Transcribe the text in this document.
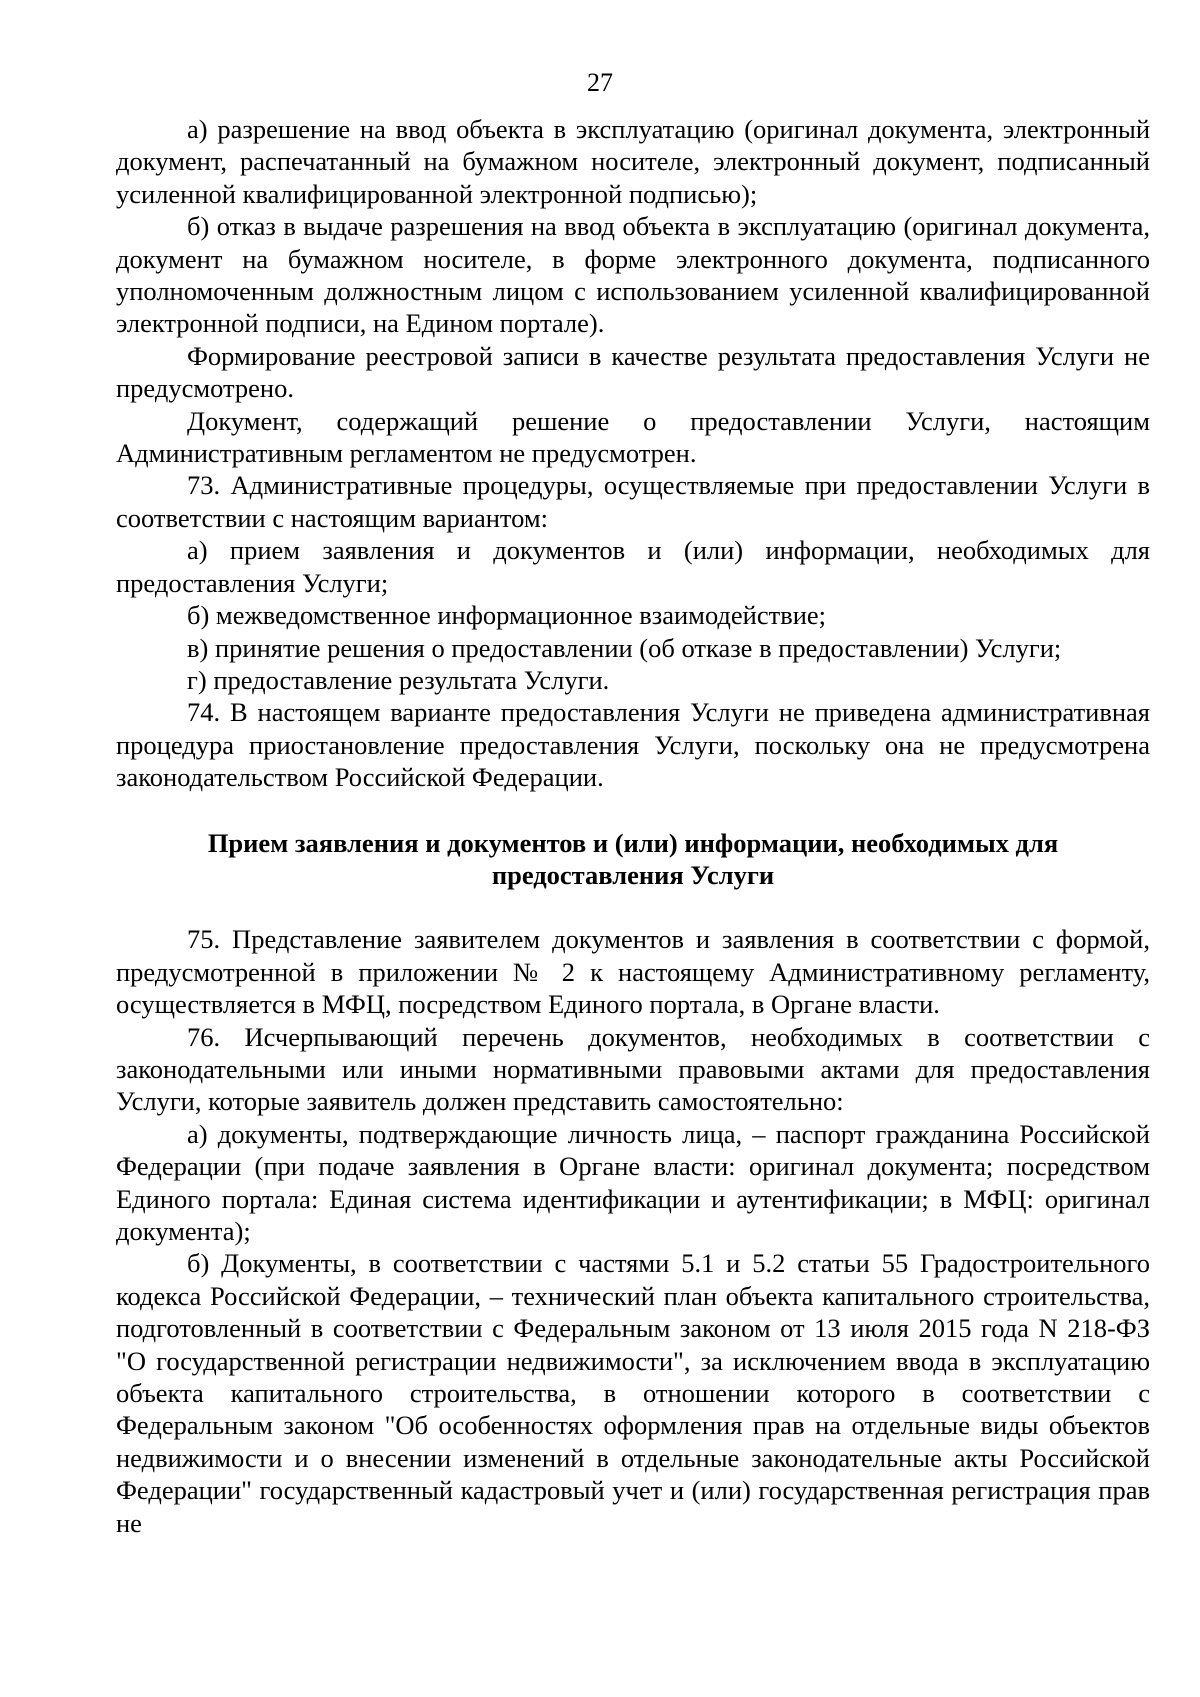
27

а) разрешение на ввод объекта в эксплуатацию (оригинал документа, электронный документ, распечатанный на бумажном носителе, электронный документ, подписанный усиленной квалифицированной электронной подписью);

б) отказ в выдаче разрешения на ввод объекта в эксплуатацию (оригинал документа, документ на бумажном носителе, в форме электронного документа, подписанного уполномоченным должностным лицом с использованием усиленной квалифицированной электронной подписи, на Едином портале).

Формирование реестровой записи в качестве результата предоставления Услуги не предусмотрено.

Документ, содержащий решение о предоставлении Услуги, настоящим Административным регламентом не предусмотрен.

73. Административные процедуры, осуществляемые при предоставлении Услуги в соответствии с настоящим вариантом:

а) прием заявления и документов и (или) информации, необходимых для предоставления Услуги;

б) межведомственное информационное взаимодействие;

в) принятие решения о предоставлении (об отказе в предоставлении) Услуги;

г) предоставление результата Услуги.

74. В настоящем варианте предоставления Услуги не приведена административная процедура приостановление предоставления Услуги, поскольку она не предусмотрена законодательством Российской Федерации.

Прием заявления и документов и (или) информации, необходимых для предоставления Услуги

75. Представление заявителем документов и заявления в соответствии с формой, предусмотренной в приложении № 2 к настоящему Административному регламенту, осуществляется в МФЦ, посредством Единого портала, в Органе власти.

76. Исчерпывающий перечень документов, необходимых в соответствии с законодательными или иными нормативными правовыми актами для предоставления Услуги, которые заявитель должен представить самостоятельно:

а) документы, подтверждающие личность лица, – паспорт гражданина Российской Федерации (при подаче заявления в Органе власти: оригинал документа; посредством Единого портала: Единая система идентификации и аутентификации; в МФЦ: оригинал документа);

б) Документы, в соответствии с частями 5.1 и 5.2 статьи 55 Градостроительного кодекса Российской Федерации, – технический план объекта капитального строительства, подготовленный в соответствии с Федеральным законом от 13 июля 2015 года N 218-ФЗ "О государственной регистрации недвижимости", за исключением ввода в эксплуатацию объекта капитального строительства, в отношении которого в соответствии с Федеральным законом "Об особенностях оформления прав на отдельные виды объектов недвижимости и о внесении изменений в отдельные законодательные акты Российской Федерации" государственный кадастровый учет и (или) государственная регистрация прав не
